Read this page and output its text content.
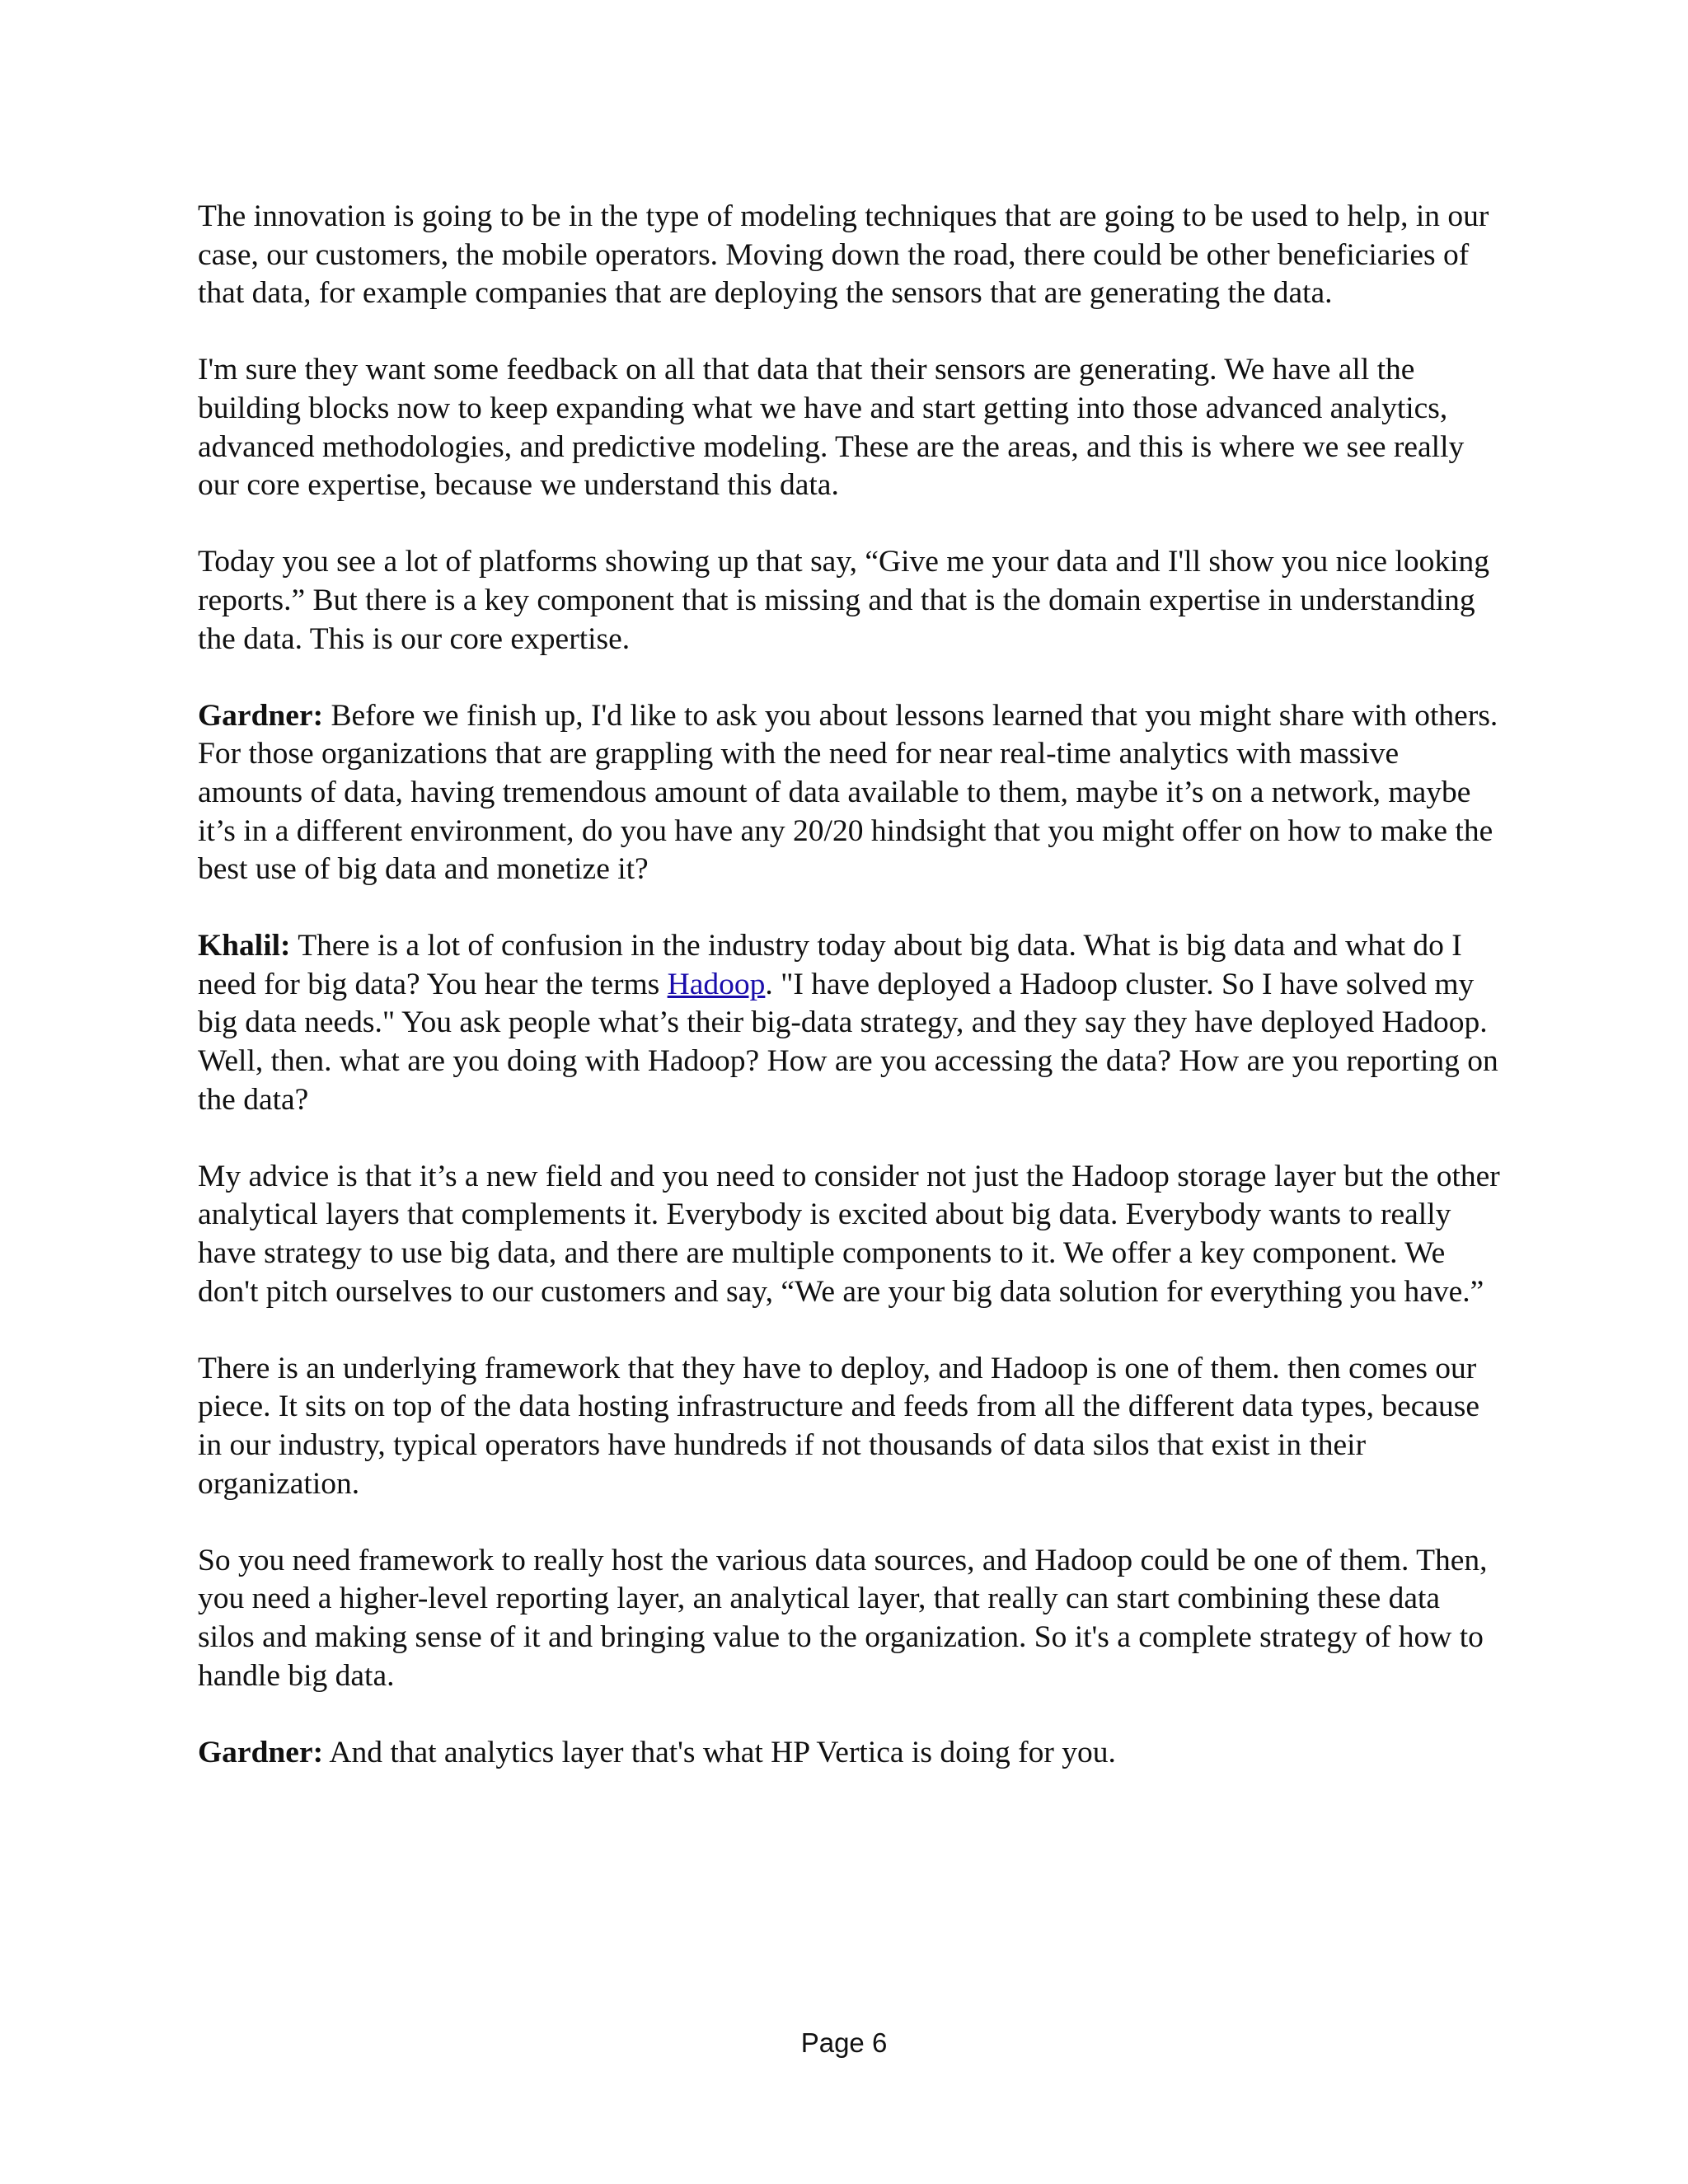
The innovation is going to be in the type of modeling techniques that are going to be used to help, in our case, our customers, the mobile operators. Moving down the road, there could be other beneficiaries of that data, for example companies that are deploying the sensors that are generating the data.

I'm sure they want some feedback on all that data that their sensors are generating. We have all the building blocks now to keep expanding what we have and start getting into those advanced analytics, advanced methodologies, and predictive modeling. These are the areas, and this is where we see really our core expertise, because we understand this data.

Today you see a lot of platforms showing up that say, “Give me your data and I'll show you nice looking reports.” But there is a key component that is missing and that is the domain expertise in understanding the data. This is our core expertise.

Gardner: Before we finish up, I'd like to ask you about lessons learned that you might share with others. For those organizations that are grappling with the need for near real-time analytics with massive amounts of data, having tremendous amount of data available to them, maybe it’s on a network, maybe it’s in a different environment, do you have any 20/20 hindsight that you might offer on how to make the best use of big data and monetize it?

Khalil: There is a lot of confusion in the industry today about big data. What is big data and what do I need for big data? You hear the terms Hadoop. "I have deployed a Hadoop cluster. So I have solved my big data needs." You ask people what’s their big-data strategy, and they say they have deployed Hadoop. Well, then. what are you doing with Hadoop? How are you accessing the data? How are you reporting on the data?

My advice is that it’s a new field and you need to consider not just the Hadoop storage layer but the other analytical layers that complements it. Everybody is excited about big data. Everybody wants to really have strategy to use big data, and there are multiple components to it. We offer a key component. We don't pitch ourselves to our customers and say, “We are your big data solution for everything you have.”

There is an underlying framework that they have to deploy, and Hadoop is one of them. then comes our piece. It sits on top of the data hosting infrastructure and feeds from all the different data types, because in our industry, typical operators have hundreds if not thousands of data silos that exist in their organization.

So you need framework to really host the various data sources, and Hadoop could be one of them. Then, you need a higher-level reporting layer, an analytical layer, that really can start combining these data silos and making sense of it and bringing value to the organization. So it's a complete strategy of how to handle big data.

Gardner: And that analytics layer that's what HP Vertica is doing for you.

Page 6
